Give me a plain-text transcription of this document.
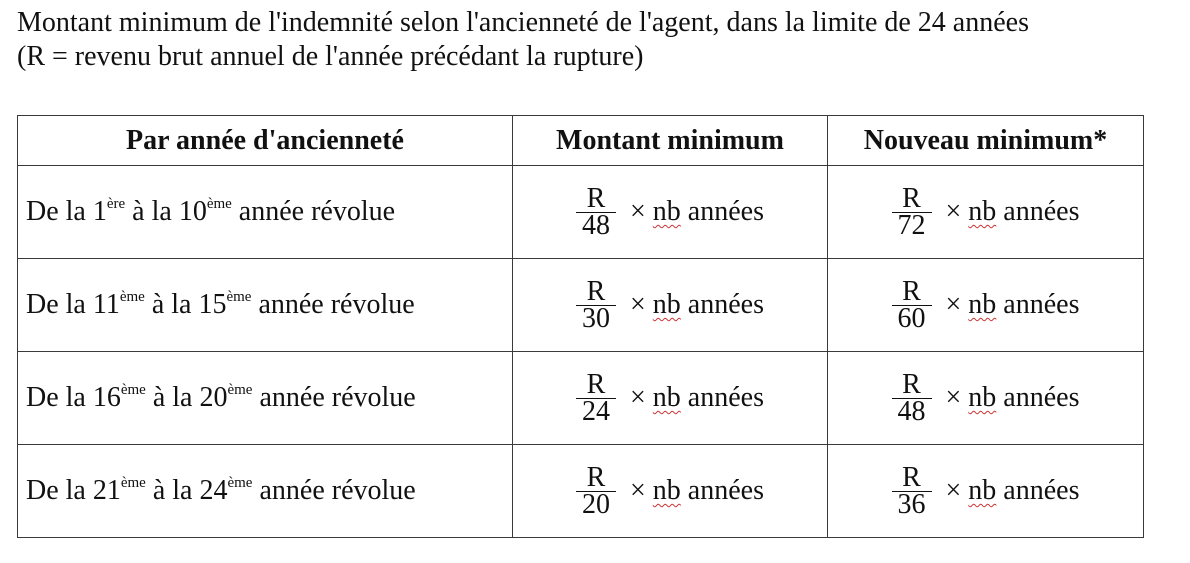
Montant minimum de l'indemnité selon l'ancienneté de l'agent, dans la limite de 24 années
(R = revenu brut annuel de l'année précédant la rupture)
Par année d'ancienneté	Montant minimum	Nouveau minimum*
De la 1ère à la 10ème année révolue	$\frac{R}{48}$ × nb années	$\frac{R}{72}$ × nb années

De la 11ème à la 15ème année révolue	$\frac{R}{30}$ × nb années	$\frac{R}{60}$ × nb années

De la 16ème à la 20ème année révolue	$\frac{R}{24}$ × nb années	$\frac{R}{48}$ × nb années

De la 21ème à la 24ème année révolue	$\frac{R}{20}$ × nb années	$\frac{R}{36}$ × nb années
